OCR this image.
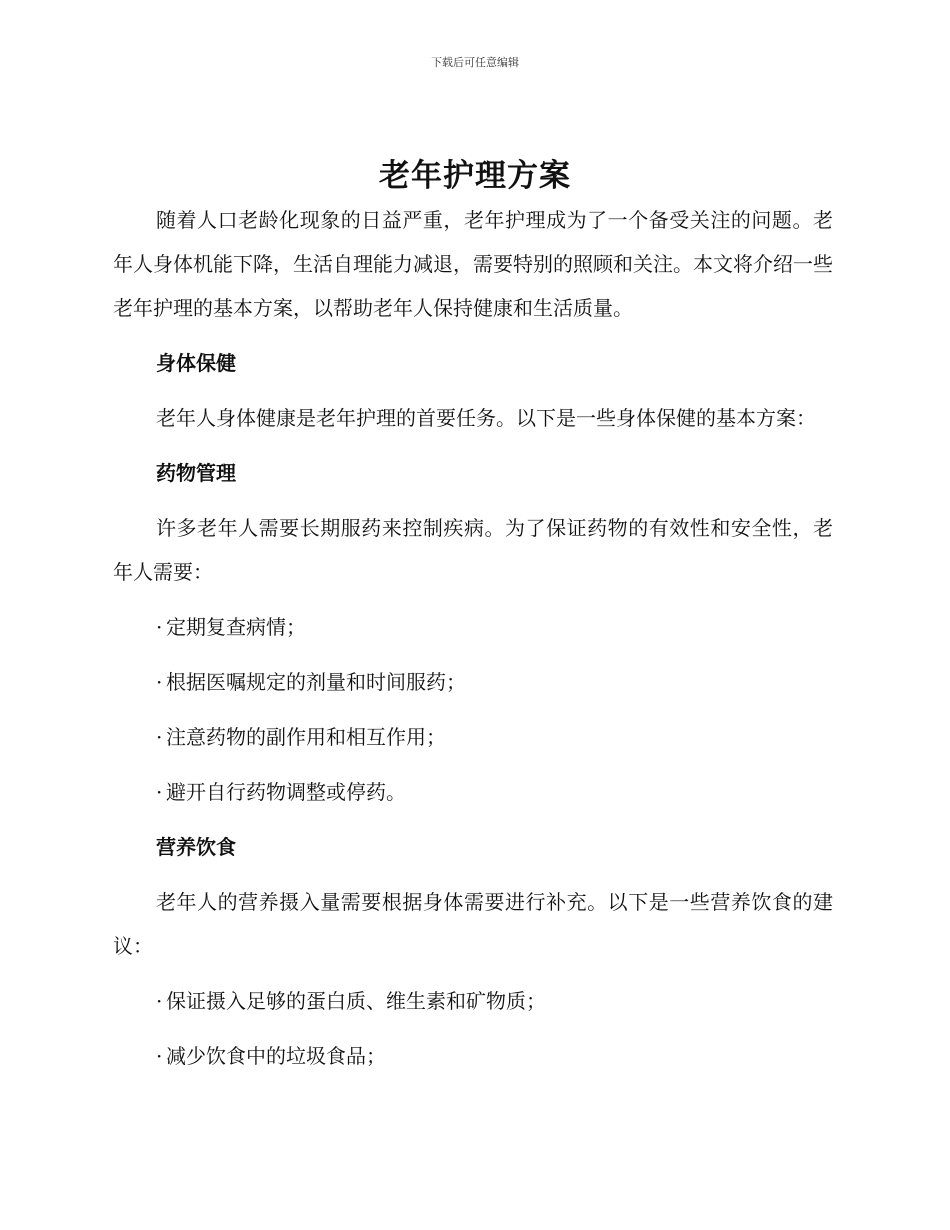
下载后可任意编辑
老年护理方案

随着人口老龄化现象的日益严重，老年护理成为了一个备受关注的问题。老年人身体机能下降，生活自理能力减退，需要特别的照顾和关注。本文将介绍一些老年护理的基本方案，以帮助老年人保持健康和生活质量。

身体保健

老年人身体健康是老年护理的首要任务。以下是一些身体保健的基本方案：

药物管理

许多老年人需要长期服药来控制疾病。为了保证药物的有效性和安全性，老年人需要：

· 定期复查病情；
· 根据医嘱规定的剂量和时间服药；
· 注意药物的副作用和相互作用；
· 避开自行药物调整或停药。
营养饮食

老年人的营养摄入量需要根据身体需要进行补充。以下是一些营养饮食的建议：

· 保证摄入足够的蛋白质、维生素和矿物质；
· 减少饮食中的垃圾食品；
